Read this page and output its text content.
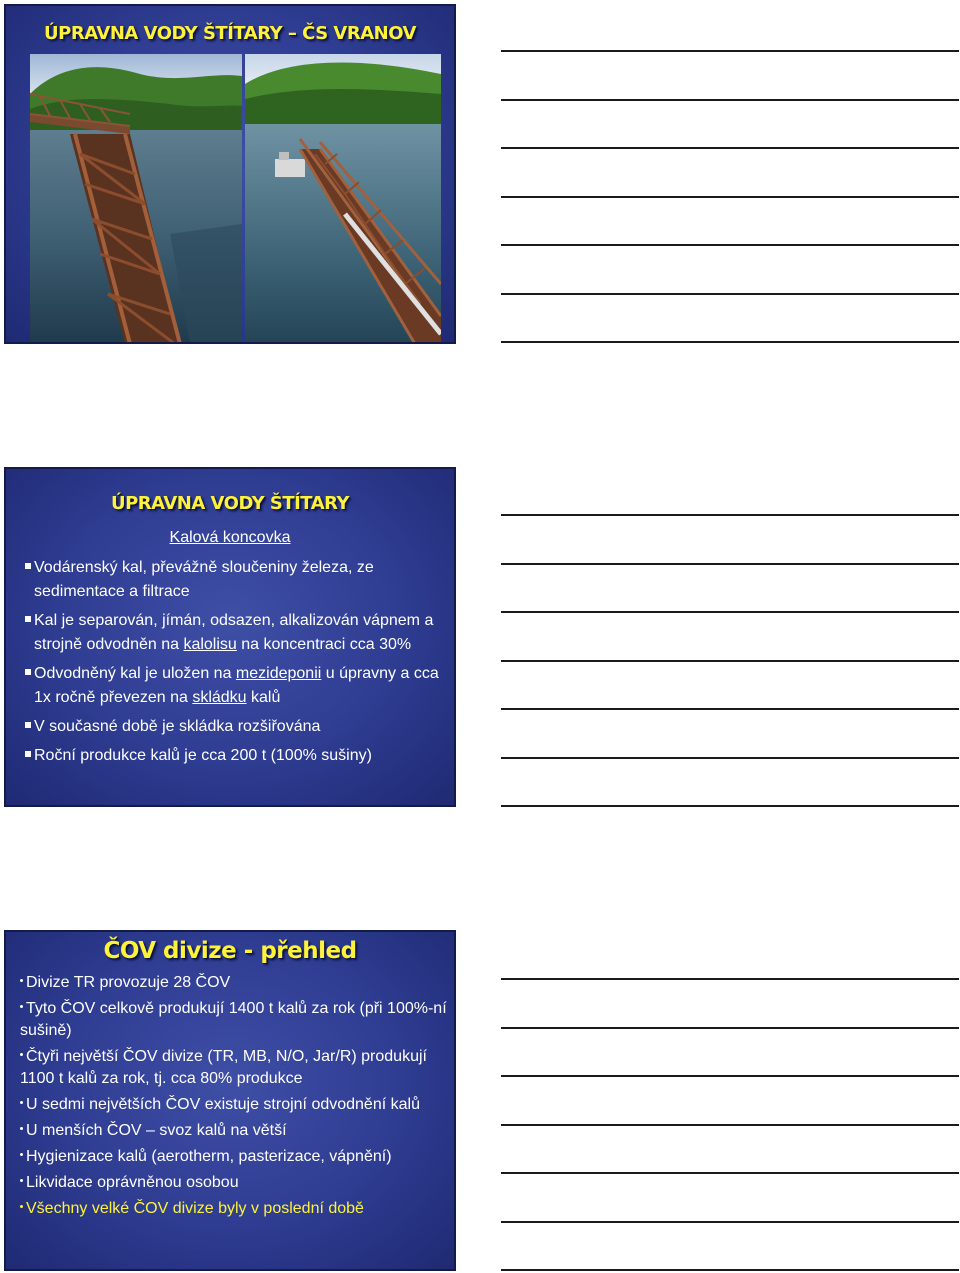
ÚPRAVNA VODY ŠTÍTARY – ČS VRANOV
ÚPRAVNA VODY ŠTÍTARY
Kalová koncovka
Vodárenský kal, převážně sloučeniny železa, ze sedimentace a filtrace
Kal je separován, jímán, odsazen, alkalizován vápnem a strojně odvodněn na kalolisu na koncentraci cca 30%
Odvodněný kal je uložen na mezideponii u úpravny a cca 1x ročně převezen na skládku kalů
V současné době je skládka rozšiřována
Roční produkce kalů je cca 200 t (100% sušiny)
ČOV divize - přehled
Divize TR provozuje 28 ČOV
Tyto ČOV celkově produkují 1400 t kalů za rok (při 100%-ní sušině)
Čtyři největší ČOV divize (TR, MB, N/O, Jar/R) produkují 1100 t kalů za rok, tj. cca 80% produkce
U sedmi největších ČOV existuje strojní odvodnění kalů
U menších ČOV – svoz kalů na větší
Hygienizace kalů (aerotherm, pasterizace, vápnění)
Likvidace oprávněnou osobou
Všechny velké ČOV divize byly v poslední době
